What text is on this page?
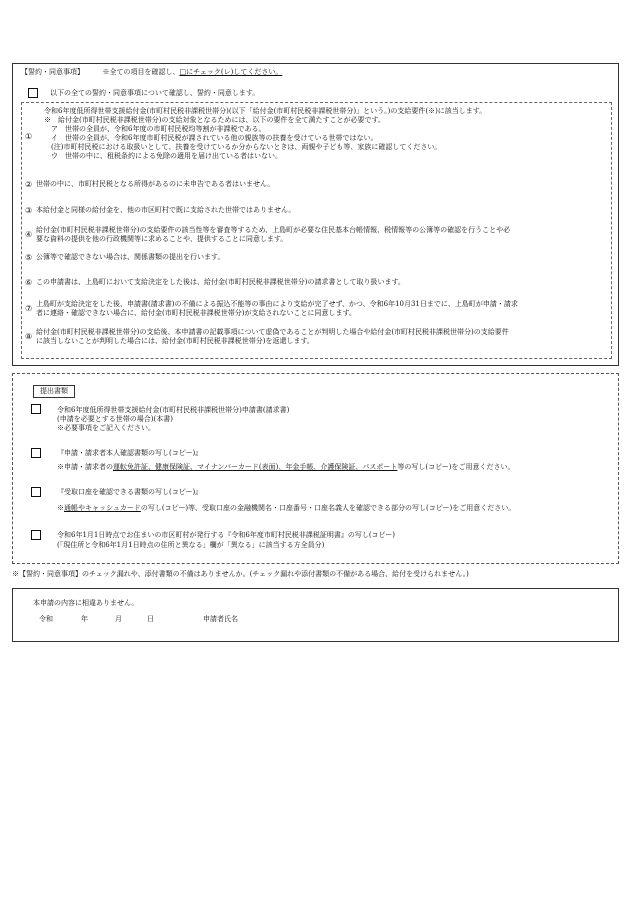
【誓約・同意事項】	※全ての項目を確認し、□にチェック(レ)してください。
以下の全ての誓約・同意事項について確認し、誓約・同意します。
①
令和6年度低所得世帯支援給付金(市町村民税非課税世帯分)(以下「給付金(市町村民税非課税世帯分)」という。)の支給要件(※)に該当します。
※　給付金(市町村民税非課税世帯分)の支給対象となるためには、以下の要件を全て満たすことが必要です。
　ア　世帯の全員が、令和6年度の市町村民税均等割が非課税である。
　イ　世帯の全員が、令和6年度市町村民税が課されている他の親族等の扶養を受けている世帯ではない。
　(注)市町村民税における取扱いとして、扶養を受けているか分からないときは、両親や子ども等、家族に確認してください。
　ウ　世帯の中に、租税条約による免除の適用を届け出ている者はいない。
② 世帯の中に、市町村民税となる所得があるのに未申告である者はいません。
③ 本給付金と同様の給付金を、他の市区町村で既に支給された世帯ではありません。
④ 給付金(市町村民税非課税世帯分)の支給要件の該当性等を審査等するため、上島町が必要な住民基本台帳情報、税情報等の公簿等の確認を行うことや必
要な資料の提供を他の行政機関等に求めることや、提供することに同意します。
⑤ 公簿等で確認できない場合は、関係書類の提出を行います。
⑥ この申請書は、上島町において支給決定をした後は、給付金(市町村民税非課税世帯分)の請求書として取り扱います。
⑦ 上島町が支給決定をした後、申請書(請求書)の不備による振込不能等の事由により支給が完了せず、かつ、令和6年10月31日までに、上島町が申請・請求
者に連絡・確認できない場合に、給付金(市町村民税非課税世帯分)が支給されないことに同意します。
⑧ 給付金(市町村民税非課税世帯分)の支給後、本申請書の記載事項について虚偽であることが判明した場合や給付金(市町村民税非課税世帯分)の支給要件
に該当しないことが判明した場合には、給付金(市町村民税非課税世帯分)を返還します。
提出書類
令和6年度低所得世帯支援給付金(市町村民税非課税世帯分)申請書(請求書)
(申請を必要とする世帯の場合)(本書)
※必要事項をご記入ください。
『申請・請求者本人確認書類の写し(コピー)』
※申請・請求者の運転免許証、健康保険証、マイナンバーカード(表面)、年金手帳、介護保険証、パスポート等の写し(コピー)をご用意ください。
『受取口座を確認できる書類の写し(コピー)』
※通帳やキャッシュカードの写し(コピー)等、受取口座の金融機関名・口座番号・口座名義人を確認できる部分の写し(コピー)をご用意ください。
令和6年1月1日時点でお住まいの市区町村が発行する『令和6年度市町村民税非課税証明書』の写し(コピー)
(「現住所と令和6年1月1日時点の住所と異なる」欄が「異なる」に該当する方全員分)
※【誓約・同意事項】のチェック漏れや、添付書類の不備はありませんか。(チェック漏れや添付書類の不備がある場合、給付を受けられません。)
本申請の内容に相違ありません。
令和	年	月	日	申請者氏名
